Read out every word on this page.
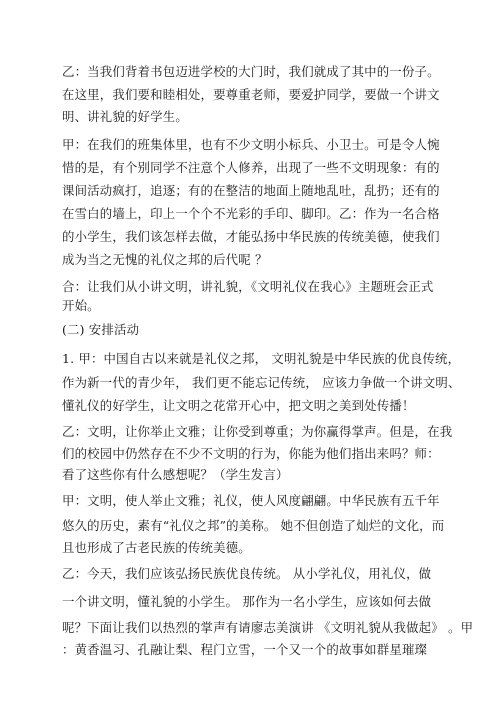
乙：当我们背着书包迈进学校的大门时，我们就成了其中的一份子。
在这里，我们要和睦相处，要尊重老师，要爱护同学，要做一个讲文
明、讲礼貌的好学生。
甲：在我们的班集体里，也有不少文明小标兵、小卫士。可是令人惋
惜的是，有个别同学不注意个人修养，出现了一些不文明现象：有的
课间活动疯打，追逐；有的在整洁的地面上随地乱吐，乱扔；还有的
在雪白的墙上，印上一个个不光彩的手印、脚印。乙：作为一名合格
的小学生，我们该怎样去做，才能弘扬中华民族的传统美德，使我们
成为当之无愧的礼仪之邦的后代呢 ？
合：让我们从小讲文明，讲礼貌，《文明礼仪在我心》主题班会正式
开始。
(二) 安排活动
1. 甲：中国自古以来就是礼仪之邦， 文明礼貌是中华民族的优良传统，
作为新一代的青少年， 我们更不能忘记传统， 应该力争做一个讲文明、
懂礼仪的好学生，让文明之花常开心中，把文明之美到处传播！
乙：文明，让你举止文雅；让你受到尊重；为你赢得掌声。但是，在我
们的校园中仍然存在不少不文明的行为，你能为他们指出来吗？师：
看了这些你有什么感想呢？（学生发言）
甲：文明，使人举止文雅；礼仪，使人风度翩翩。中华民族有五千年
悠久的历史，素有“礼仪之邦”的美称。 她不但创造了灿烂的文化，而
且也形成了古老民族的传统美德。
乙：今天，我们应该弘扬民族优良传统。 从小学礼仪，用礼仪，做
一个讲文明，懂礼貌的小学生。 那作为一名小学生，应该如何去做
呢？下面让我们以热烈的掌声有请廖志美演讲 《文明礼貌从我做起》 。甲
：黄香温习、孔融让梨、程门立雪，一个又一个的故事如群星璀璨
